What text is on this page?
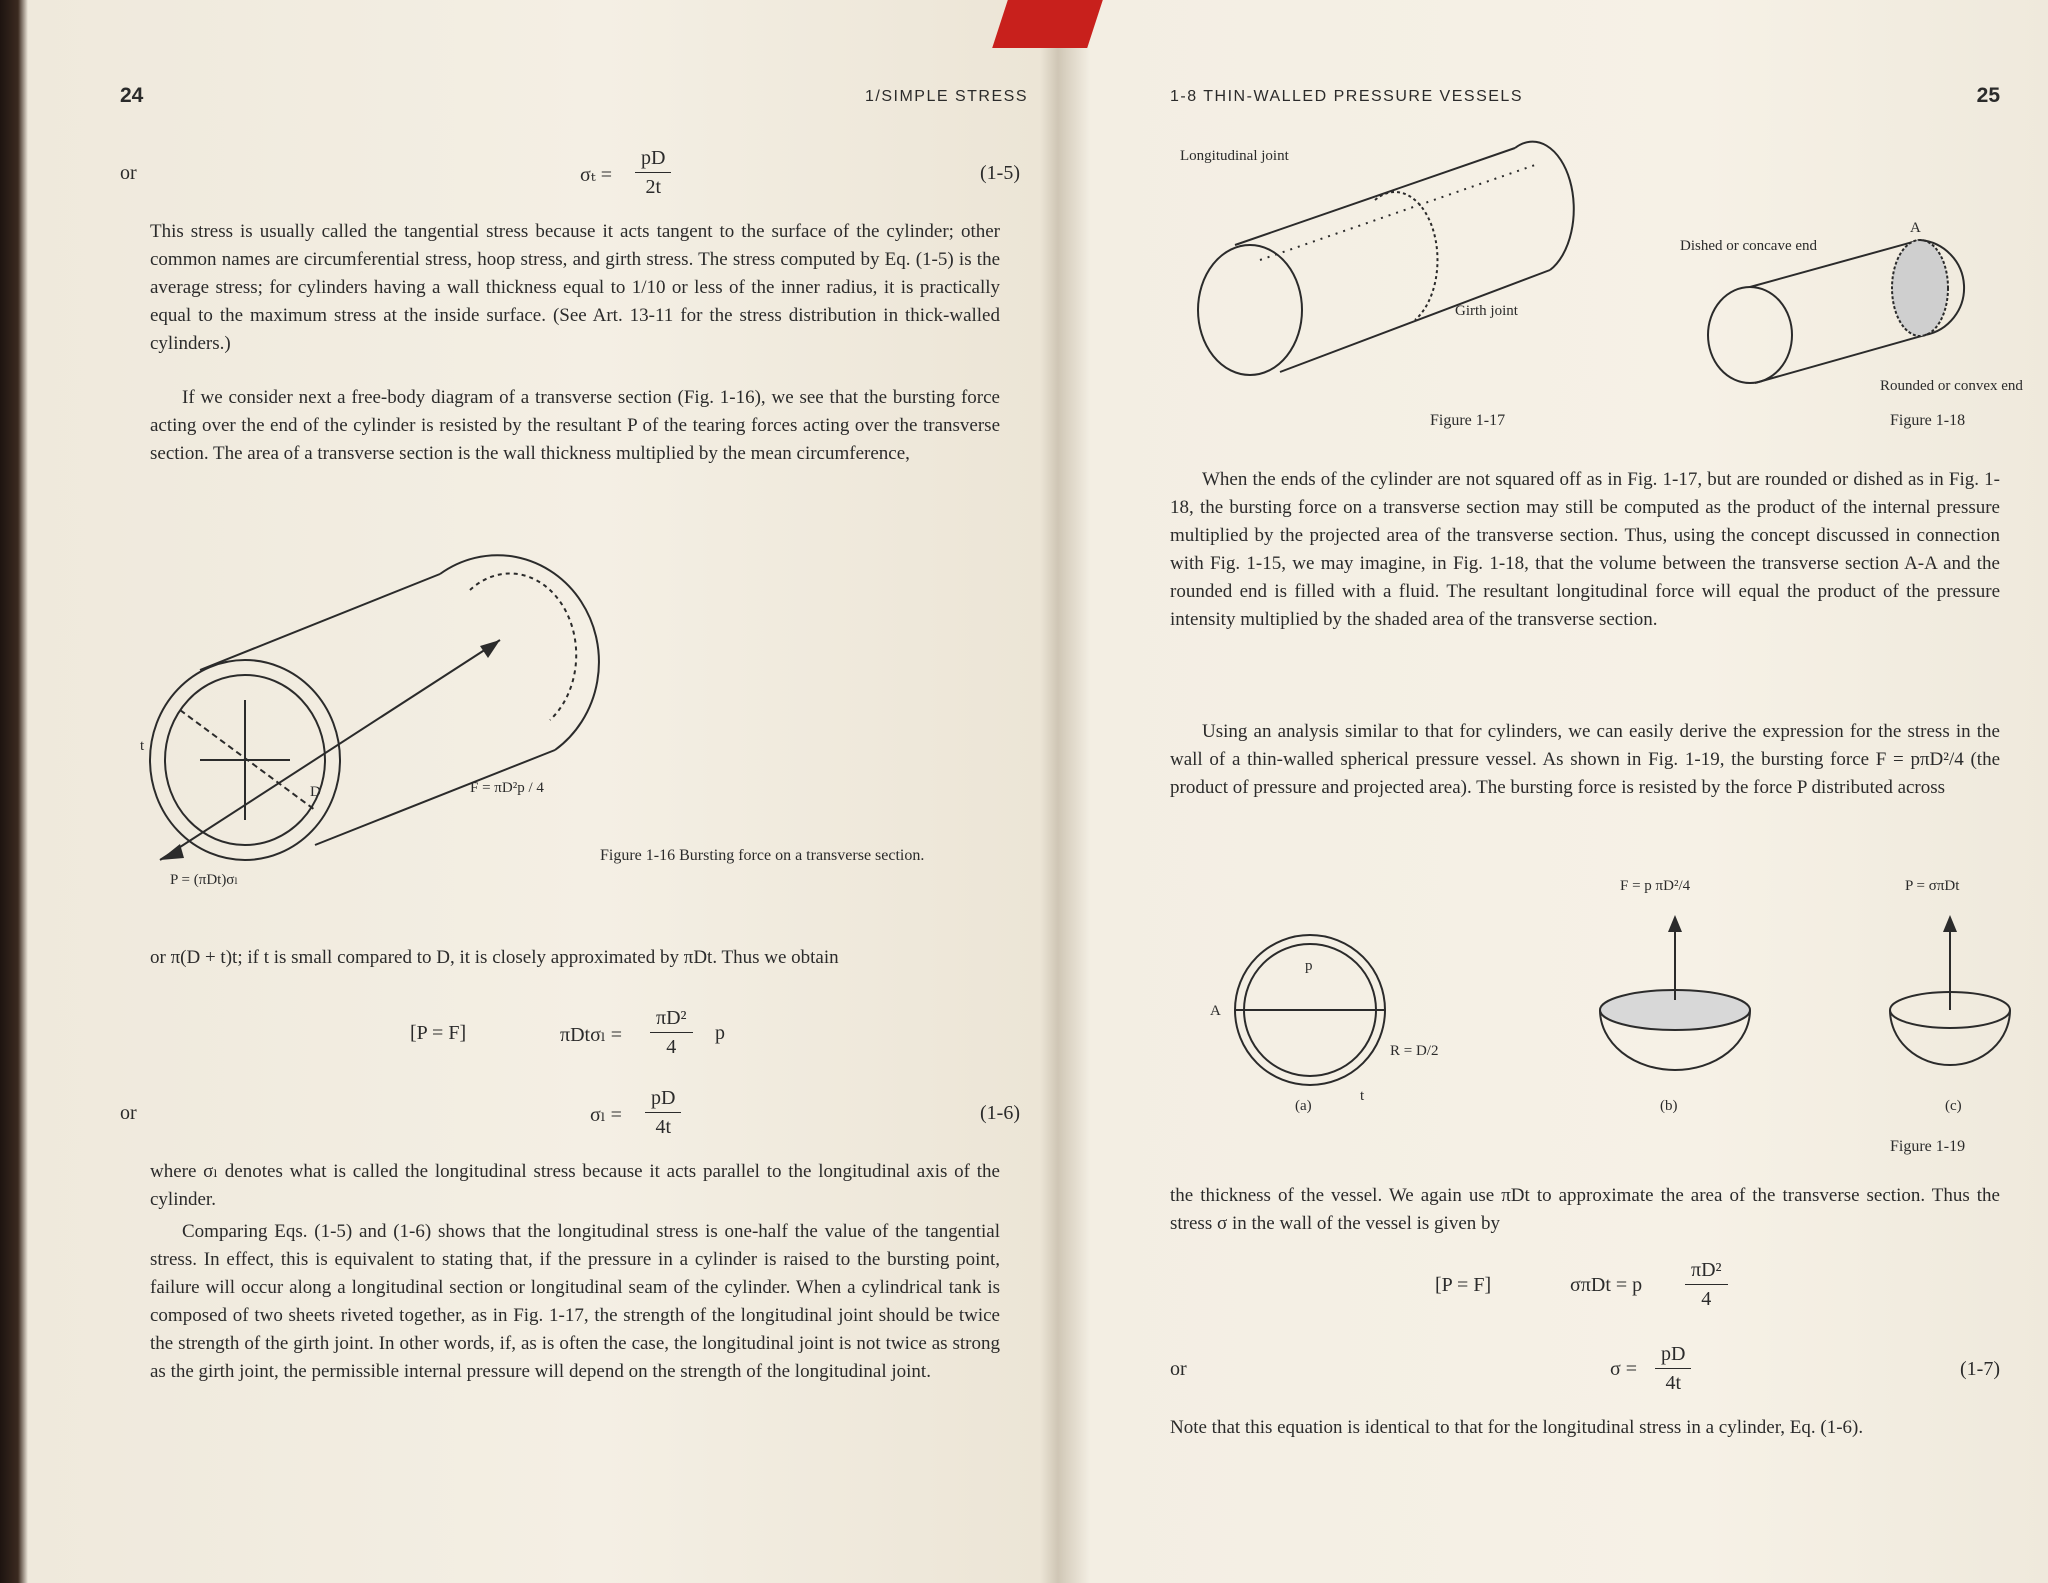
24	1/SIMPLE STRESS
or	$\sigma_t = \frac{pD}{2t}$	(1-5)

This stress is usually called the tangential stress because it acts tangent to the surface of the cylinder; other common names are circumferential stress, hoop stress, and girth stress. The stress computed by Eq. (1-5) is the average stress; for cylinders having a wall thickness equal to 1/10 or less of the inner radius, it is practically equal to the maximum stress at the inside surface. (See Art. 13-11 for the stress distribution in thick-walled cylinders.)

If we consider next a free-body diagram of a transverse section (Fig. 1-16), we see that the bursting force acting over the end of the cylinder is resisted by the resultant P of the tearing forces acting over the transverse section. The area of a transverse section is the wall thickness multiplied by the mean circumference,

t
D	F = πD²p / 4
P = (πDt)σₗ
Figure 1-16 Bursting force on a transverse section.

or π(D + t)t; if t is small compared to D, it is closely approximated by πDt. Thus we obtain

[P = F]	$\pi Dt\sigma_l = \frac{\text{πD²}}{4}$ p
or	$\sigma_l = \frac{pD}{4t}$	(1-6)

where σₗ denotes what is called the longitudinal stress because it acts parallel to the longitudinal axis of the cylinder.

Comparing Eqs. (1-5) and (1-6) shows that the longitudinal stress is one-half the value of the tangential stress. In effect, this is equivalent to stating that, if the pressure in a cylinder is raised to the bursting point, failure will occur along a longitudinal section or longitudinal seam of the cylinder. When a cylindrical tank is composed of two sheets riveted together, as in Fig. 1-17, the strength of the longitudinal joint should be twice the strength of the girth joint. In other words, if, as is often the case, the longitudinal joint is not twice as strong as the girth joint, the permissible internal pressure will depend on the strength of the longitudinal joint.

1-8 THIN-WALLED PRESSURE VESSELS	25
Longitudinal joint
Girth joint
Figure 1-17
Dished or concave end
A
Rounded or convex end
Figure 1-18

When the ends of the cylinder are not squared off as in Fig. 1-17, but are rounded or dished as in Fig. 1-18, the bursting force on a transverse section may still be computed as the product of the internal pressure multiplied by the projected area of the transverse section. Thus, using the concept discussed in connection with Fig. 1-15, we may imagine, in Fig. 1-18, that the volume between the transverse section A-A and the rounded end is filled with a fluid. The resultant longitudinal force will equal the product of the pressure intensity multiplied by the shaded area of the transverse section.

Using an analysis similar to that for cylinders, we can easily derive the expression for the stress in the wall of a thin-walled spherical pressure vessel. As shown in Fig. 1-19, the bursting force F = pπD²/4 (the product of pressure and projected area). The bursting force is resisted by the force P distributed across

A
p
R = D/2
t
F = p πD²/4	P = σπDt
(a)	(b)	(c)
Figure 1-19

the thickness of the vessel. We again use πDt to approximate the area of the transverse section. Thus the stress σ in the wall of the vessel is given by

[P = F]	σπDt = p $\frac{\text{πD²}}{4}$
or	$\sigma = \frac{pD}{4t}$	(1-7)

Note that this equation is identical to that for the longitudinal stress in a cylinder, Eq. (1-6).
